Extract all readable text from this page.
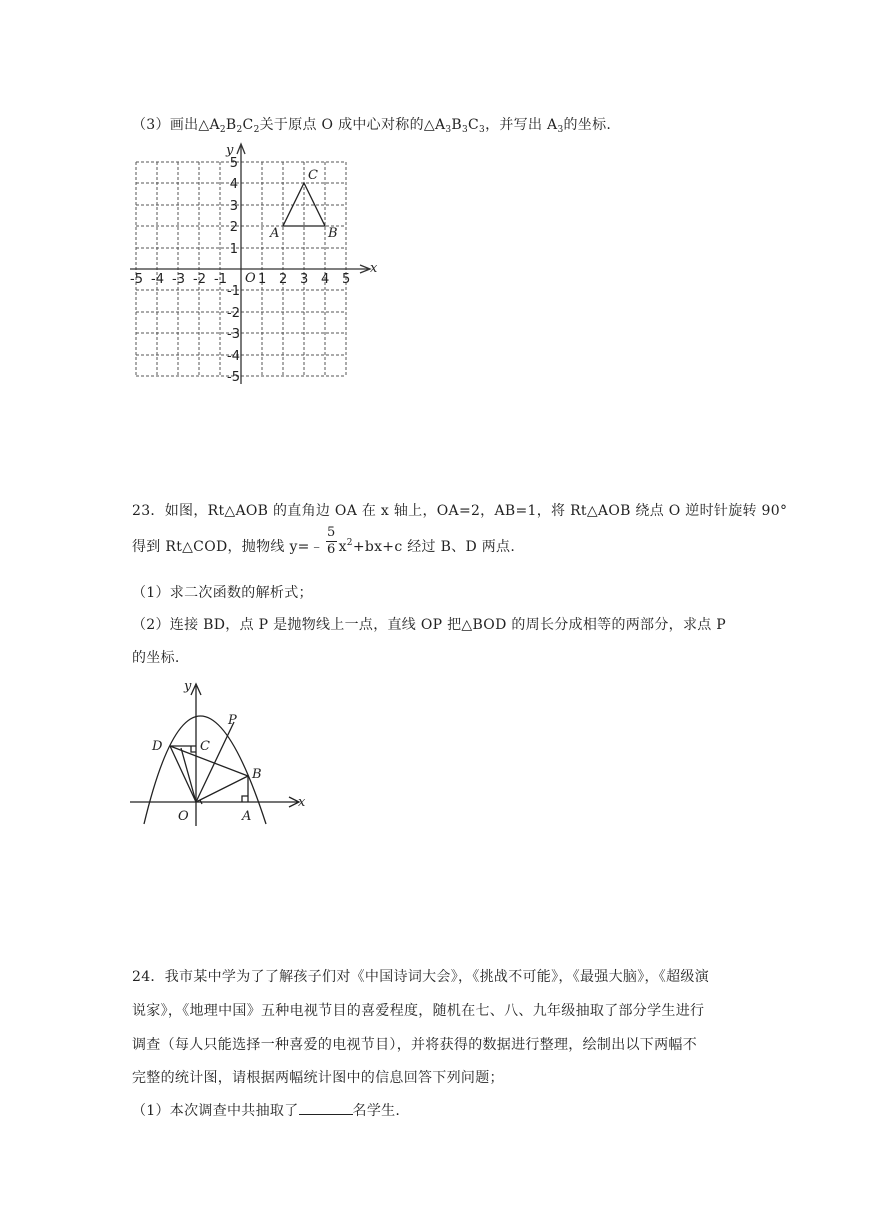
（3）画出$\triangle A_2B_2C_2$关于原点 O 成中心对称的$\triangle A_3B_3C_3$，并写出 $A_3$的坐标.
x
y
O
-5 -4 -3 -2 -1 1 2 3 4 5
5
4
3
2
1
-1
-2
-3
-4
-5
A	B
C
23．如图，Rt△AOB 的直角边 OA 在 x 轴上，OA=2，AB=1，将 Rt△AOB 绕点 O 逆时针旋转 90°
得到 Rt△COD，抛物线 y=﹣ $\frac{5}{6} x^2+bx+c$ 经过 B、D 两点.
（1）求二次函数的解析式；
（2）连接 BD，点 P 是抛物线上一点，直线 OP 把△BOD 的周长分成相等的两部分，求点 P
的坐标.
y
x
D	C
P
B
O	A
24．我市某中学为了了解孩子们对《中国诗词大会》，《挑战不可能》，《最强大脑》，《超级演
说家》，《地理中国》五种电视节目的喜爱程度，随机在七、八、九年级抽取了部分学生进行
调查（每人只能选择一种喜爱的电视节目），并将获得的数据进行整理，绘制出以下两幅不
完整的统计图，请根据两幅统计图中的信息回答下列问题；
（1）本次调查中共抽取了	名学生.
